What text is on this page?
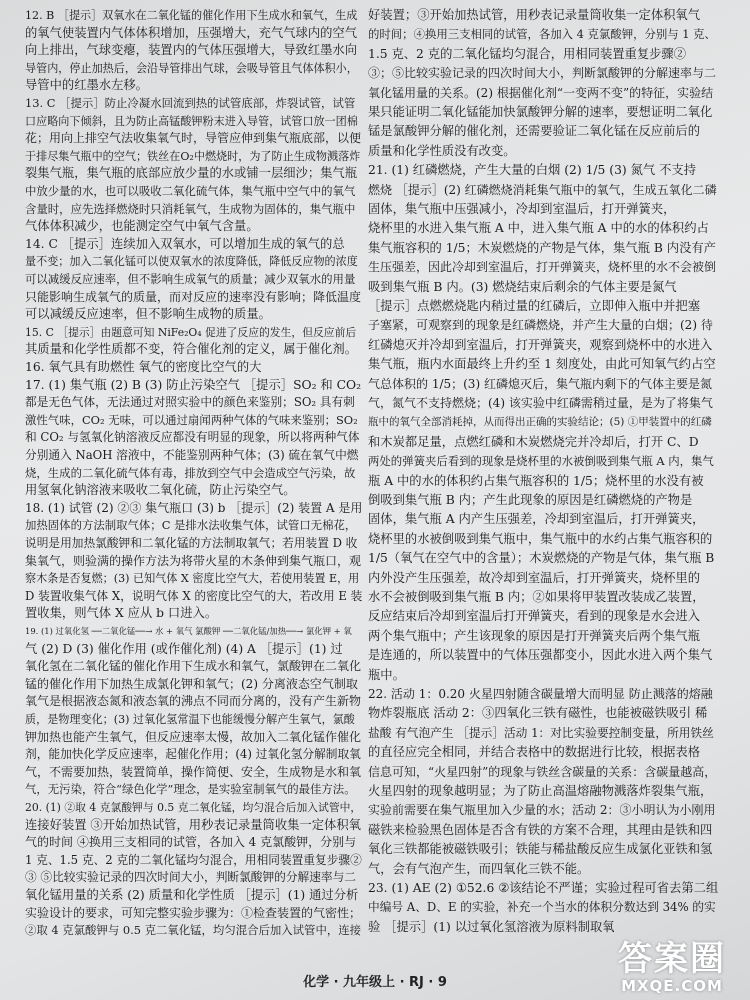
12. B ［提示］双氧水在二氧化锰的催化作用下生成水和氧气，生成
的氧气使装置内气体体积增加，压强增大，充气气球内的空气
向上排出，气球变瘪，装置内的气体压强增大，导致红墨水向
导管内，停止加热后，会沿导管排出气球，会吸导管且气体体积小，
导管中的红墨水左移。
13. C ［提示］防止冷凝水回流到热的试管底部，炸裂试管，试管
口应略向下倾斜，且为防止高锰酸钾粉末进入导管，试管口放一团棉
花；用向上排空气法收集氧气时，导管应伸到集气瓶底部，以便
于排尽集气瓶中的空气；铁丝在O₂中燃烧时，为了防止生成物溅落炸
裂集气瓶，集气瓶的底部应放少量的水或铺一层细沙；集气瓶
中放少量的水，也可以吸收二氧化硫气体，集气瓶中空气中的氧气
含量时，应先选择燃烧时只消耗氧气，生成物为固体的，集气瓶中
气体体积减少，也能测定空气中氧气含量。
14. C ［提示］连续加入双氧水，可以增加生成的氧气的总
量不变；加入二氧化锰可以使双氧水的浓度降低，降低反应物的浓度
可以减缓反应速率，但不影响生成氧气的质量；减少双氧水的用量
只能影响生成氧气的质量，而对反应的速率没有影响；降低温度
可以减缓反应速率，但不影响生成物的质量。
15. C ［提示］由题意可知 NiFe₂O₄ 促进了反应的发生，但反应前后
其质量和化学性质都不变，符合催化剂的定义，属于催化剂。
16. 氧气具有助燃性 氧气的密度比空气的大
17. (1) 集气瓶 (2) B (3) 防止污染空气 ［提示］SO₂ 和 CO₂
都是无色气体，无法通过对照实验中的颜色来鉴别；SO₂ 具有刺
激性气味，CO₂ 无味，可以通过扇闻两种气体的气味来鉴别；SO₂
和 CO₂ 与氢氧化钠溶液反应都没有明显的现象，所以将两种气体
分别通入 NaOH 溶液中，不能鉴别两种气体；(3) 硫在氧气中燃
烧，生成的二氧化硫气体有毒，排放到空气中会造成空气污染，故
用氢氧化钠溶液来吸收二氧化硫，防止污染空气。
18. (1) 试管 (2) ②③ 集气瓶口 (3) b ［提示］(2) 装置 A 是用
加热固体的方法制取气体；C 是排水法收集气体，试管口无棉花，
说明是用加热氯酸钾和二氧化锰的方法制取氧气；若用装置 D 收
集氧气，则验满的操作方法为将带火星的木条伸到集气瓶口，观
察木条是否复燃；(3) 已知气体 X 密度比空气大，若使用装置 E，用
D 装置收集气体 X，说明气体 X 的密度比空气的大，若改用 E 装
置收集，则气体 X 应从 b 口进入。
19. (1) 过氧化氢 ──二氧化锰──→ 水 + 氧气 氯酸钾 ──二氧化锰/加热──→ 氯化钾 + 氧
气 (2) D (3) 催化作用 (或作催化剂) (4) A ［提示］(1) 过
氧化氢在二氧化锰的催化作用下生成水和氧气，氯酸钾在二氧化
锰的催化作用下加热生成氯化钾和氧气；(2) 分离液态空气制取
氧气是根据液态氮和液态氧的沸点不同而分离的，没有产生新物
质，是物理变化；(3) 过氧化氢常温下也能缓慢分解产生氧气，氯酸
钾加热也能产生氧气，但反应速率太慢，故加入二氧化锰作催化
剂，能加快化学反应速率，起催化作用；(4) 过氧化氢分解制取氧
气，不需要加热，装置简单，操作简便、安全，生成物是水和氧
气，无污染，符合“绿色化学”理念，是实验室制氧气的最佳方法。
20. (1) ②取 4 克氯酸钾与 0.5 克二氧化锰，均匀混合后加入试管中，
连接好装置 ③开始加热试管，用秒表记录量筒收集一定体积氧
气的时间 ④换用三支相同的试管，各加入 4 克氯酸钾，分别与
1 克、1.5 克、2 克的二氧化锰均匀混合，用相同装置重复步骤②
③ ⑤比较实验记录的四次时间大小，判断氯酸钾的分解速率与二
氧化锰用量的关系 (2) 质量和化学性质 ［提示］(1) 通过分析
实验设计的要求，可知完整实验步骤为：①检查装置的气密性；
②取 4 克氯酸钾与 0.5 克二氧化锰，均匀混合后加入试管中，连接
好装置；③开始加热试管，用秒表记录量筒收集一定体积氧气
的时间；④换用三支相同的试管，各加入 4 克氯酸钾，分别与 1 克、
1.5 克、2 克的二氧化锰均匀混合，用相同装置重复步骤②
③；⑤比较实验记录的四次时间大小，判断氯酸钾的分解速率与二
氧化锰用量的关系。(2) 根据催化剂“一变两不变”的特征，实验结
果只能证明二氧化锰能加快氯酸钾分解的速率，要想证明二氧化
锰是氯酸钾分解的催化剂，还需要验证二氧化锰在反应前后的
质量和化学性质没有改变。
21. (1) 红磷燃烧，产生大量的白烟 (2) 1/5 (3) 氮气 不支持
燃烧 ［提示］(2) 红磷燃烧消耗集气瓶中的氧气，生成五氧化二磷
固体，集气瓶中压强减小，冷却到室温后，打开弹簧夹，
烧杯里的水进入集气瓶 A 中，进入集气瓶 A 中的水的体积约占
集气瓶容积的 1/5；木炭燃烧的产物是气体，集气瓶 B 内没有产
生压强差，因此冷却到室温后，打开弹簧夹，烧杯里的水不会被倒
吸到集气瓶 B 内。(3) 燃烧结束后剩余的气体主要是氮气
［提示］点燃燃烧匙内稍过量的红磷后，立即伸入瓶中并把塞
子塞紧，可观察到的现象是红磷燃烧，并产生大量的白烟；(2) 待
红磷熄灭并冷却到室温后，打开弹簧夹，观察到烧杯中的水进入
集气瓶，瓶内水面最终上升约至 1 刻度处，由此可知氧气约占空
气总体积的 1/5；(3) 红磷熄灭后，集气瓶内剩下的气体主要是氮
气，氮气不支持燃烧；(4) 该实验中红磷需稍过量，是为了将集气
瓶中的氧气全部消耗掉，从而得出正确的实验结论；(5) ①甲装置中的红磷
和木炭都足量，点燃红磷和木炭燃烧完并冷却后，打开 C、D
两处的弹簧夹后看到的现象是烧杯里的水被倒吸到集气瓶 A 内，集气
瓶 A 中的水的体积约占集气瓶容积的 1/5；烧杯里的水没有被
倒吸到集气瓶 B 内；产生此现象的原因是红磷燃烧的产物是
固体，集气瓶 A 内产生压强差，冷却到室温后，打开弹簧夹，
烧杯里的水被倒吸到集气瓶中，集气瓶中的水约占集气瓶容积的
1/5（氧气在空气中的含量）；木炭燃烧的产物是气体，集气瓶 B
内外没产生压强差，故冷却到室温后，打开弹簧夹，烧杯里的
水不会被倒吸到集气瓶 B 内；②如果将甲装置改装成乙装置，
反应结束后冷却到室温后打开弹簧夹，看到的现象是水会进入
两个集气瓶中；产生该现象的原因是打开弹簧夹后两个集气瓶
是连通的，所以装置中的气体压强都变小，因此水进入两个集气
瓶中。
22. 活动 1：0.20 火星四射随含碳量增大而明显 防止溅落的熔融
物炸裂瓶底 活动 2：③四氧化三铁有磁性，也能被磁铁吸引 稀
盐酸 有气泡产生 ［提示］活动 1：对比实验要控制变量，所用铁丝
的直径应完全相同，并结合表格中的数据进行比较，根据表格
信息可知，“火星四射”的现象与铁丝含碳量的关系：含碳量越高，
火星四射的现象越明显；为了防止高温熔融物溅落炸裂集气瓶，
实验前需要在集气瓶里加入少量的水；活动 2：③小明认为小刚用
磁铁来检验黑色固体是否含有铁的方案不合理，其理由是铁和四
氧化三铁都能被磁铁吸引；铁能与稀盐酸反应生成氯化亚铁和氢
气，会有气泡产生，而四氧化三铁不能。
23. (1) AE (2) ①52.6 ②该结论不严谨；实验过程可省去第二组
中编号 A、D、E 的实验，补充一个当水的体积分数达到 34% 的实
验 ［提示］(1) 以过氧化氢溶液为原料制取氧
化学 · 九年级上 · RJ · 9
答案圈
MXQE.COM
